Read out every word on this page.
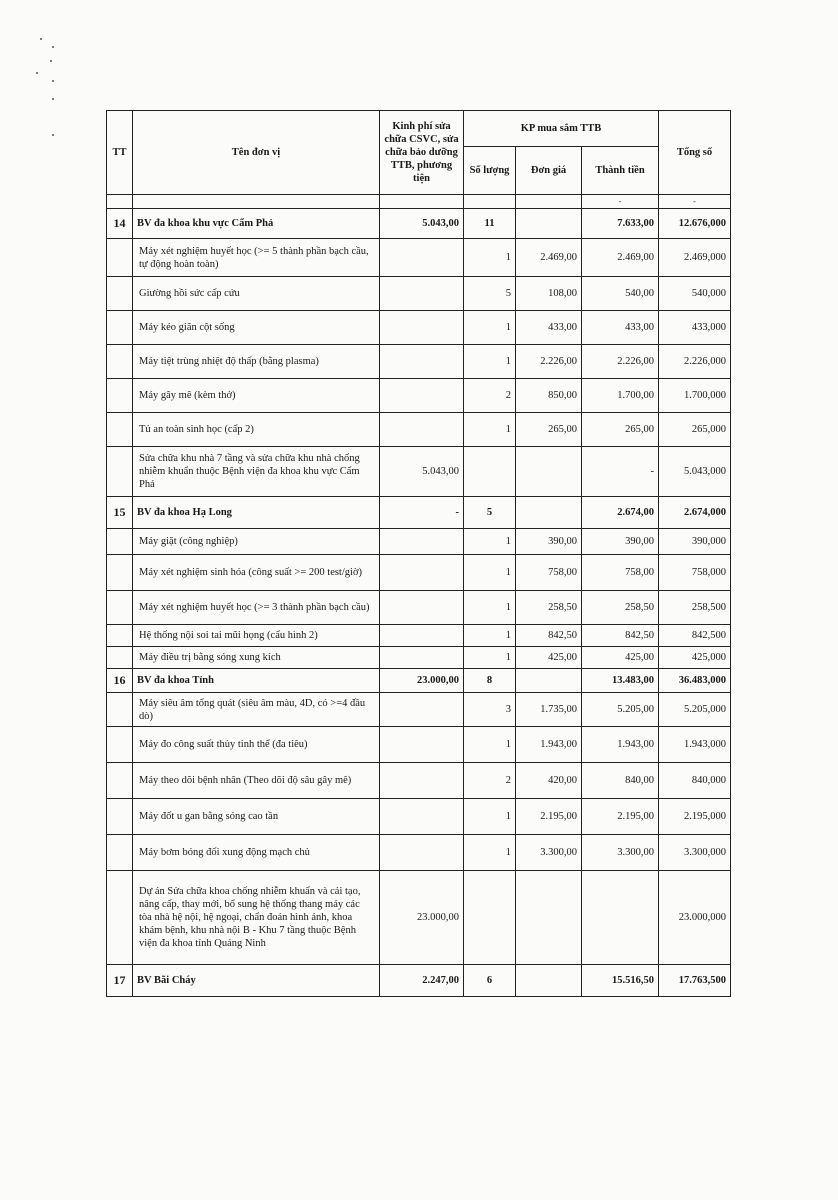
TT	Tên đơn vị	Kinh phí sửa chữa CSVC, sửa chữa bảo dưỡng TTB, phương tiện	KP mua sắm TTB			Tổng số
			Số lượng	Đơn giá	Thành tiền	
					-	-
14	BV đa khoa khu vực Cẩm Phả	5.043,00	11		7.633,00	12.676,000
	Máy xét nghiệm huyết học (>= 5 thành phần bạch cầu, tự động hoàn toàn)		1	2.469,00	2.469,00	2.469,000
	Giường hồi sức cấp cứu		5	108,00	540,00	540,000
	Máy kéo giãn cột sống		1	433,00	433,00	433,000
	Máy tiệt trùng nhiệt độ thấp (bằng plasma)		1	2.226,00	2.226,00	2.226,000
	Máy gây mê (kèm thở)		2	850,00	1.700,00	1.700,000
	Tủ an toàn sinh học (cấp 2)		1	265,00	265,00	265,000
	Sửa chữa khu nhà 7 tầng và sửa chữa khu nhà chống nhiễm khuẩn thuộc Bệnh viện đa khoa khu vực Cẩm Phả	5.043,00			-	5.043,000
15	BV đa khoa Hạ Long	-	5		2.674,00	2.674,000
	Máy giặt (công nghiệp)		1	390,00	390,00	390,000
	Máy xét nghiệm sinh hóa (công suất >= 200 test/giờ)		1	758,00	758,00	758,000
	Máy xét nghiệm huyết học (>= 3 thành phần bạch cầu)		1	258,50	258,50	258,500
	Hệ thống nội soi tai mũi họng (cấu hình 2)		1	842,50	842,50	842,500
	Máy điều trị bằng sóng xung kích		1	425,00	425,00	425,000
16	BV đa khoa Tỉnh	23.000,00	8		13.483,00	36.483,000
	Máy siêu âm tổng quát (siêu âm màu, 4D, có >=4 đầu dò)		3	1.735,00	5.205,00	5.205,000
	Máy đo công suất thủy tinh thể (đa tiêu)		1	1.943,00	1.943,00	1.943,000
	Máy theo dõi bệnh nhân (Theo dõi độ sâu gây mê)		2	420,00	840,00	840,000
	Máy đốt u gan bằng sóng cao tần		1	2.195,00	2.195,00	2.195,000
	Máy bơm bóng đối xung động mạch chủ		1	3.300,00	3.300,00	3.300,000
	Dự án Sửa chữa khoa chống nhiễm khuẩn và cải tạo, nâng cấp, thay mới, bổ sung hệ thống thang máy các tòa nhà hệ nội, hệ ngoại, chẩn đoán hình ảnh, khoa khám bệnh, khu nhà nội B - Khu 7 tầng thuộc Bệnh viện đa khoa tỉnh Quảng Ninh	23.000,00				23.000,000
17	BV Bãi Cháy	2.247,00	6		15.516,50	17.763,500
